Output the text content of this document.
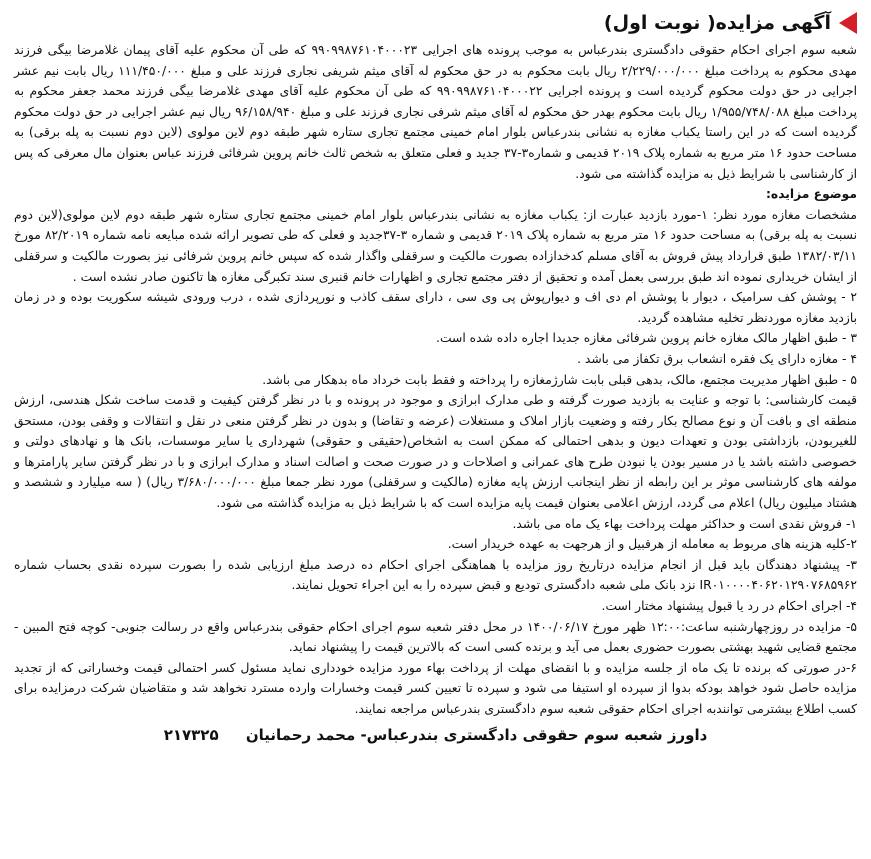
آگهی مزایده( نوبت اول)

شعبه سوم اجرای احکام حقوقی دادگستری بندرعباس به موجب پرونده های اجرایی ۹۹۰۹۹۸۷۶۱۰۴۰۰۰۲۳ که طی آن محکوم علیه آقای پیمان غلامرضا بیگی فرزند مهدی محکوم به پرداخت مبلغ ۲/۲۲۹/۰۰۰/۰۰۰ ریال بابت محکوم به در حق محکوم له آقای میثم شریفی نجاری فرزند علی و مبلغ ۱۱۱/۴۵۰/۰۰۰ ریال بابت نیم عشر اجرایی در حق دولت محکوم گردیده است و پرونده اجرایی ۹۹۰۹۹۸۷۶۱۰۴۰۰۰۲۲ که طی آن محکوم علیه آقای مهدی غلامرضا بیگی فرزند محمد جعفر محکوم به پرداخت مبلغ ۱/۹۵۵/۷۴۸/۰۸۸ ریال بابت محکوم بهدر حق محکوم له آقای میثم شرفی نجاری فرزند علی و مبلغ ۹۶/۱۵۸/۹۴۰ ریال نیم عشر اجرایی در حق دولت محکوم گردیده است که در این راستا یکباب مغازه به نشانی بندرعباس بلوار امام خمینی مجتمع تجاری ستاره شهر طبقه دوم لاین مولوی (لاین دوم نسبت به پله برقی) به مساحت حدود ۱۶ متر مربع به شماره پلاک ۲۰۱۹ قدیمی و شماره۳-۳۷ جدید و فعلی متعلق به شخص ثالث خانم پروین شرفائی فرزند عباس بعنوان مال معرفی که پس از کارشناسی با شرایط ذیل به مزایده گذاشته می شود.

موضوع مزایده:

مشخصات مغازه مورد نظر: ۱-مورد بازدید عبارت از: یکباب مغازه به نشانی بندرعباس بلوار امام خمینی مجتمع تجاری ستاره شهر طبقه دوم لاین مولوی(لاین دوم نسبت به پله برقی) به مساحت حدود ۱۶ متر مربع به شماره پلاک ۲۰۱۹ قدیمی و شماره ۳-۳۷جدید و فعلی که طی تصویر ارائه شده مبایعه نامه شماره ۸۲/۲۰۱۹ مورخ ۱۳۸۲/۰۳/۱۱ طبق قرارداد پیش فروش به آقای مسلم کدخدازاده بصورت مالکیت و سرقفلی واگذار شده که سپس خانم پروین شرفائی نیز بصورت مالکیت و سرقفلی از ایشان خریداری نموده اند طبق بررسی بعمل آمده و تحقیق از دفتر مجتمع تجاری و اظهارات خانم قنبری سند تکبرگی مغازه ها تاکنون صادر نشده است .

۲ - پوشش کف سرامیک ، دیوار با پوشش ام دی اف و دیوارپوش پی وی سی ، دارای سقف کاذب و نورپردازی شده ، درب ورودی شیشه سکوریت بوده و در زمان بازدید مغازه موردنظر تخلیه مشاهده گردید.

۳ - طبق اظهار مالک مغازه خانم پروین شرفائی مغازه جدیدا اجاره داده شده است.

۴ - مغازه دارای یک فقره انشعاب برق تکفاز می باشد .

۵ - طبق اظهار مدیریت مجتمع، مالک، بدهی قبلی بابت شارژمغازه را پرداخته و فقط بابت خرداد ماه بدهکار می باشد.

قیمت کارشناسی: با توجه و عنایت به بازدید صورت گرفته و طی مدارک ابرازی و موجود در پرونده و با در نظر گرفتن کیفیت و قدمت ساخت شکل هندسی، ارزش منطقه ای و بافت آن و نوع مصالح بکار رفته و وضعیت بازار املاک و مستغلات (عرضه و تقاضا) و بدون در نظر گرفتن منعی در نقل و انتقالات و وقفی بودن، مستحق للغیربودن، بازداشتی بودن و تعهدات دیون و بدهی احتمالی که ممکن است به اشخاص(حقیقی و حقوقی) شهرداری یا سایر موسسات، بانک ها و نهادهای دولتی و خصوصی داشته باشد یا در مسیر بودن یا نبودن طرح های عمرانی و اصلاحات و در صورت صحت و اصالت اسناد و مدارک ابرازی و با در نظر گرفتن سایر پارامترها و مولفه های کارشناسی موثر بر این رابطه از نظر اینجانب ارزش پایه مغازه (مالکیت و سرقفلی) مورد نظر جمعا مبلغ ۳/۶۸۰/۰۰۰/۰۰۰ ریال) ( سه میلیارد و ششصد و هشتاد میلیون ریال) اعلام می گردد، ارزش اعلامی بعنوان قیمت پایه مزایده است که با شرایط ذیل به مزایده گذاشته می شود.

۱- فروش نقدی است و حداکثر مهلت پرداخت بهاء یک ماه می باشد.

۲-کلیه هزینه های مربوط به معامله از هرقبیل و از هرجهت به عهده خریدار است.

۳- پیشنهاد دهندگان باید قبل از انجام مزایده درتاریخ روز مزایده با هماهنگی اجرای احکام ده درصد مبلغ ارزیابی شده را بصورت سپرده نقدی بحساب شماره IR۰۱۰۰۰۰۴۰۶۲۰۱۲۹۰۷۶۸۵۹۶۲ نزد بانک ملی شعبه دادگستری توديع و قبض سپرده را به این اجراء تحویل نمایند.

۴- اجرای احکام در رد یا قبول پیشنهاد مختار است.

۵- مزایده در روزچهارشنبه ساعت:۱۲:۰۰ ظهر مورخ ۱۴۰۰/۰۶/۱۷ در محل دفتر شعبه سوم اجرای احکام حقوقی بندرعباس واقع در رسالت جنوبی- کوچه فتح المبین - مجتمع قضایی شهید بهشتی بصورت حضوری بعمل می آید و برنده کسی است که بالاترین قیمت را پیشنهاد نماید.

۶-در صورتی که برنده تا یک ماه از جلسه مزایده و با انقضای مهلت از پرداخت بهاء مورد مزایده خودداری نماید مسئول کسر احتمالی قیمت وخساراتی که از تجدید مزایده حاصل شود خواهد بودکه بدوا از سپرده او استیفا می شود و سپرده تا تعیین کسر قیمت وخسارات وارده مسترد نخواهد شد و متقاضیان شرکت درمزایده برای کسب اطلاع بیشترمی توانندبه اجرای احکام حقوقی شعبه سوم دادگستری بندرعباس مراجعه نمایند.

داورز شعبه سوم حقوقی دادگستری بندرعباس- محمد رحمانیان ۲۱۷۳۲۵
